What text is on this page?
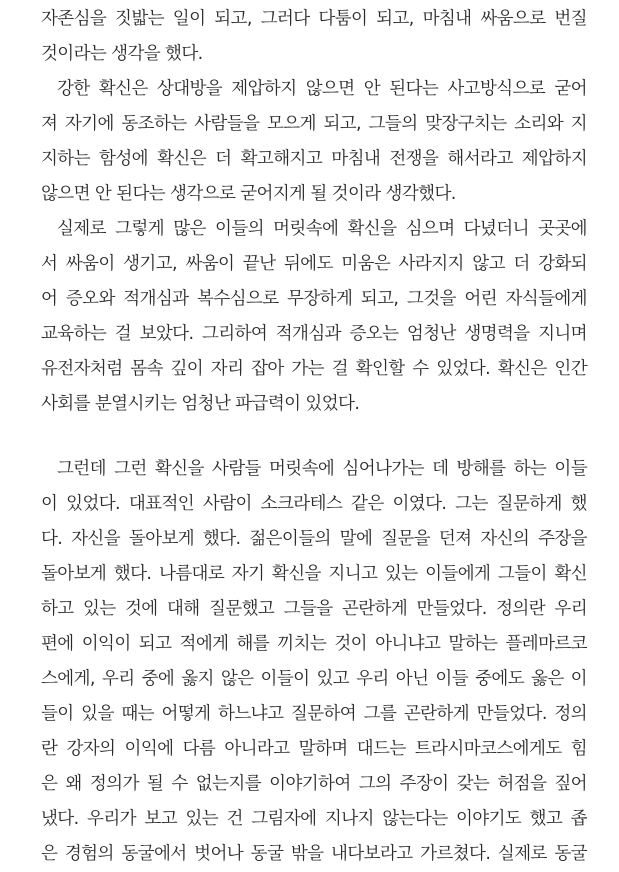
자존심을 짓밟는 일이 되고, 그러다 다툼이 되고, 마침내 싸움으로 번질
것이라는 생각을 했다.
강한 확신은 상대방을 제압하지 않으면 안 된다는 사고방식으로 굳어
져 자기에 동조하는 사람들을 모으게 되고, 그들의 맞장구치는 소리와 지
지하는 함성에 확신은 더 확고해지고 마침내 전쟁을 해서라고 제압하지
않으면 안 된다는 생각으로 굳어지게 될 것이라 생각했다.
실제로 그렇게 많은 이들의 머릿속에 확신을 심으며 다녔더니 곳곳에
서 싸움이 생기고, 싸움이 끝난 뒤에도 미움은 사라지지 않고 더 강화되
어 증오와 적개심과 복수심으로 무장하게 되고, 그것을 어린 자식들에게
교육하는 걸 보았다. 그리하여 적개심과 증오는 엄청난 생명력을 지니며
유전자처럼 몸속 깊이 자리 잡아 가는 걸 확인할 수 있었다. 확신은 인간
사회를 분열시키는 엄청난 파급력이 있었다.
그런데 그런 확신을 사람들 머릿속에 심어나가는 데 방해를 하는 이들
이 있었다. 대표적인 사람이 소크라테스 같은 이였다. 그는 질문하게 했
다. 자신을 돌아보게 했다. 젊은이들의 말에 질문을 던져 자신의 주장을
돌아보게 했다. 나름대로 자기 확신을 지니고 있는 이들에게 그들이 확신
하고 있는 것에 대해 질문했고 그들을 곤란하게 만들었다. 정의란 우리
편에 이익이 되고 적에게 해를 끼치는 것이 아니냐고 말하는 플레마르코
스에게, 우리 중에 옳지 않은 이들이 있고 우리 아닌 이들 중에도 옳은 이
들이 있을 때는 어떻게 하느냐고 질문하여 그를 곤란하게 만들었다. 정의
란 강자의 이익에 다름 아니라고 말하며 대드는 트라시마코스에게도 힘
은 왜 정의가 될 수 없는지를 이야기하여 그의 주장이 갖는 허점을 짚어
냈다. 우리가 보고 있는 건 그림자에 지나지 않는다는 이야기도 했고 좁
은 경험의 동굴에서 벗어나 동굴 밖을 내다보라고 가르쳤다. 실제로 동굴
